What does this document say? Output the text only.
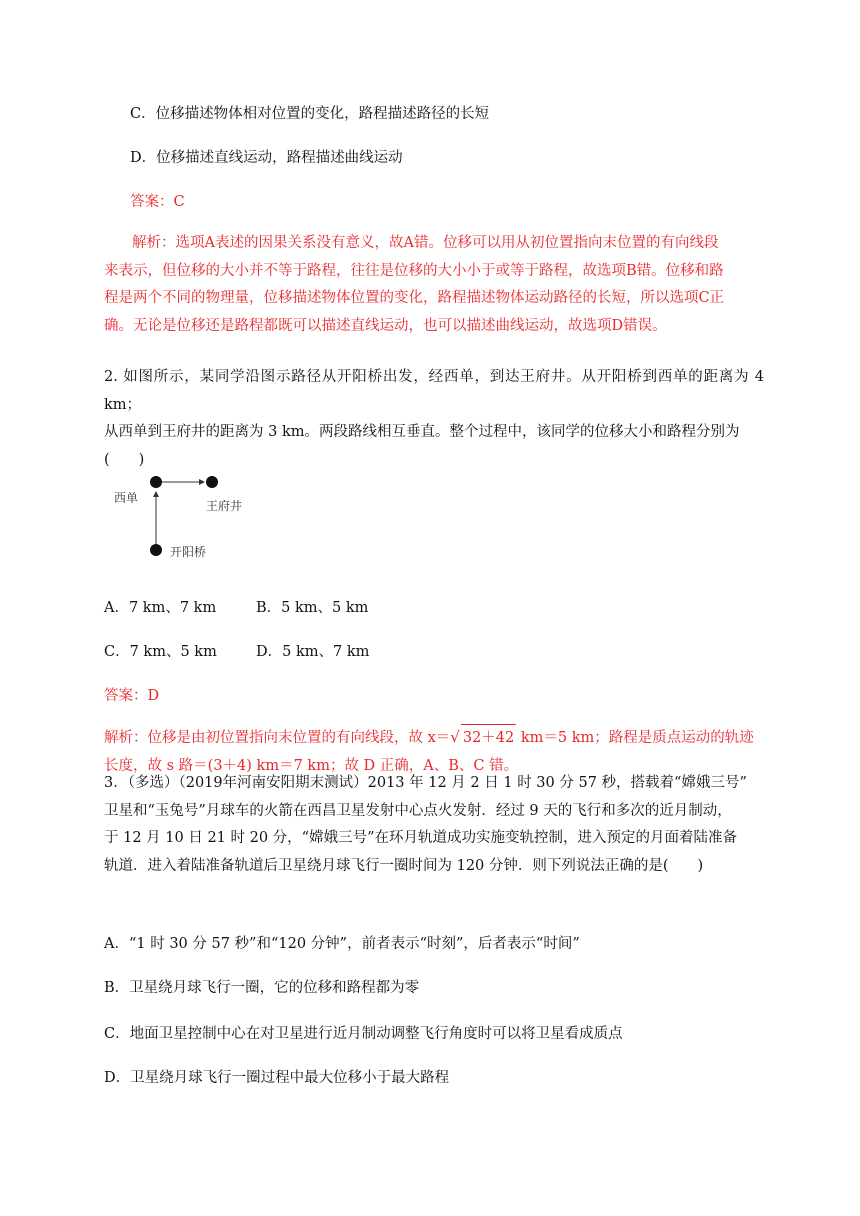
C．位移描述物体相对位置的变化，路程描述路径的长短
D．位移描述直线运动，路程描述曲线运动
答案：C
解析：选项A表述的因果关系没有意义，故A错。位移可以用从初位置指向末位置的有向线段
来表示，但位移的大小并不等于路程，往往是位移的大小小于或等于路程，故选项B错。位移和路
程是两个不同的物理量，位移描述物体位置的变化，路程描述物体运动路径的长短，所以选项C正
确。无论是位移还是路程都既可以描述直线运动，也可以描述曲线运动，故选项D错误。
2. 如图所示，某同学沿图示路径从开阳桥出发，经西单，到达王府井。从开阳桥到西单的距离为 4 km；
从西单到王府井的距离为 3 km。两段路线相互垂直。整个过程中，该同学的位移大小和路程分别为
(　　)
西单
王府井
开阳桥
A．7 km、7 km	B．5 km、5 km
C．7 km、5 km	D．5 km、7 km
答案：D
解析：位移是由初位置指向末位置的有向线段，故 x＝√ 32＋42 km＝5 km；路程是质点运动的轨迹
长度，故 s 路＝(3＋4) km＝7 km；故 D 正确，A、B、C 错。
3．（多选）（2019年河南安阳期末测试）2013 年 12 月 2 日 1 时 30 分 57 秒，搭载着“嫦娥三号”
卫星和“玉兔号”月球车的火箭在西昌卫星发射中心点火发射．经过 9 天的飞行和多次的近月制动，
于 12 月 10 日 21 时 20 分，“嫦娥三号”在环月轨道成功实施变轨控制，进入预定的月面着陆准备
轨道．进入着陆准备轨道后卫星绕月球飞行一圈时间为 120 分钟．则下列说法正确的是(　　)
A．“1 时 30 分 57 秒”和“120 分钟”，前者表示“时刻”，后者表示“时间”
B．卫星绕月球飞行一圈，它的位移和路程都为零
C．地面卫星控制中心在对卫星进行近月制动调整飞行角度时可以将卫星看成质点
D．卫星绕月球飞行一圈过程中最大位移小于最大路程
